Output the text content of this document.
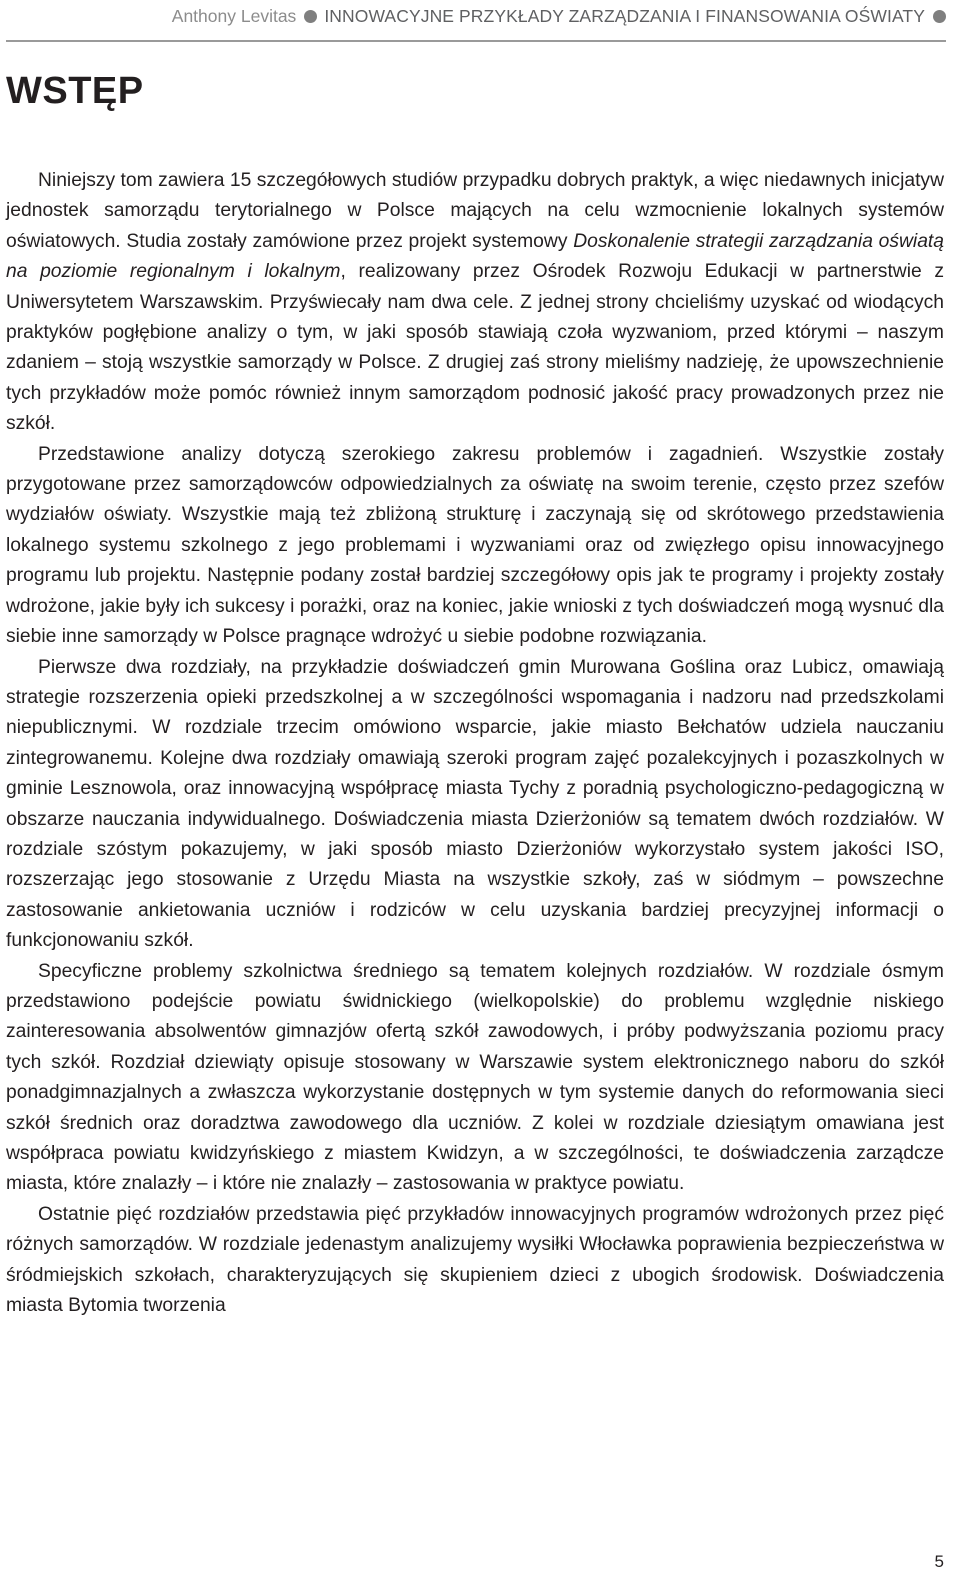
Anthony Levitas INNOWACYJNE PRZYKŁADY ZARZĄDZANIA I FINANSOWANIA OŚWIATY
WSTĘP

Niniejszy tom zawiera 15 szczegółowych studiów przypadku dobrych praktyk, a więc niedawnych inicjatyw jednostek samorządu terytorialnego w Polsce mających na celu wzmocnienie lokalnych systemów oświatowych. Studia zostały zamówione przez projekt systemowy Doskonalenie strategii zarządzania oświatą na poziomie regionalnym i lokalnym, realizowany przez Ośrodek Rozwoju Edukacji w partnerstwie z Uniwersytetem Warszawskim. Przyświecały nam dwa cele. Z jednej strony chcieliśmy uzyskać od wiodących praktyków pogłębione analizy o tym, w jaki sposób stawiają czoła wyzwaniom, przed którymi – naszym zdaniem – stoją wszystkie samorządy w Polsce. Z drugiej zaś strony mieliśmy nadzieję, że upowszechnienie tych przykładów może pomóc również innym samorządom podnosić jakość pracy prowadzonych przez nie szkół.

Przedstawione analizy dotyczą szerokiego zakresu problemów i zagadnień. Wszystkie zostały przygotowane przez samorządowców odpowiedzialnych za oświatę na swoim terenie, często przez szefów wydziałów oświaty. Wszystkie mają też zbliżoną strukturę i zaczynają się od skrótowego przedstawienia lokalnego systemu szkolnego z jego problemami i wyzwaniami oraz od zwięzłego opisu innowacyjnego programu lub projektu. Następnie podany został bardziej szczegółowy opis jak te programy i projekty zostały wdrożone, jakie były ich sukcesy i porażki, oraz na koniec, jakie wnioski z tych doświadczeń mogą wysnuć dla siebie inne samorządy w Polsce pragnące wdrożyć u siebie podobne rozwiązania.

Pierwsze dwa rozdziały, na przykładzie doświadczeń gmin Murowana Goślina oraz Lubicz, omawiają strategie rozszerzenia opieki przedszkolnej a w szczególności wspomagania i nadzoru nad przedszkolami niepublicznymi. W rozdziale trzecim omówiono wsparcie, jakie miasto Bełchatów udziela nauczaniu zintegrowanemu. Kolejne dwa rozdziały omawiają szeroki program zajęć pozalekcyjnych i pozaszkolnych w gminie Lesznowola, oraz innowacyjną współpracę miasta Tychy z poradnią psychologiczno-pedagogiczną w obszarze nauczania indywidualnego. Doświadczenia miasta Dzierżoniów są tematem dwóch rozdziałów. W rozdziale szóstym pokazujemy, w jaki sposób miasto Dzierżoniów wykorzystało system jakości ISO, rozszerzając jego stosowanie z Urzędu Miasta na wszystkie szkoły, zaś w siódmym – powszechne zastosowanie ankietowania uczniów i rodziców w celu uzyskania bardziej precyzyjnej informacji o funkcjonowaniu szkół.

Specyficzne problemy szkolnictwa średniego są tematem kolejnych rozdziałów. W rozdziale ósmym przedstawiono podejście powiatu świdnickiego (wielkopolskie) do problemu względnie niskiego zainteresowania absolwentów gimnazjów ofertą szkół zawodowych, i próby podwyższania poziomu pracy tych szkół. Rozdział dziewiąty opisuje stosowany w Warszawie system elektronicznego naboru do szkół ponadgimnazjalnych a zwłaszcza wykorzystanie dostępnych w tym systemie danych do reformowania sieci szkół średnich oraz doradztwa zawodowego dla uczniów. Z kolei w rozdziale dziesiątym omawiana jest współpraca powiatu kwidzyńskiego z miastem Kwidzyn, a w szczególności, te doświadczenia zarządcze miasta, które znalazły – i które nie znalazły – zastosowania w praktyce powiatu.

Ostatnie pięć rozdziałów przedstawia pięć przykładów innowacyjnych programów wdrożonych przez pięć różnych samorządów. W rozdziale jedenastym analizujemy wysiłki Włocławka poprawienia bezpieczeństwa w śródmiejskich szkołach, charakteryzujących się skupieniem dzieci z ubogich środowisk. Doświadczenia miasta Bytomia tworzenia

5
